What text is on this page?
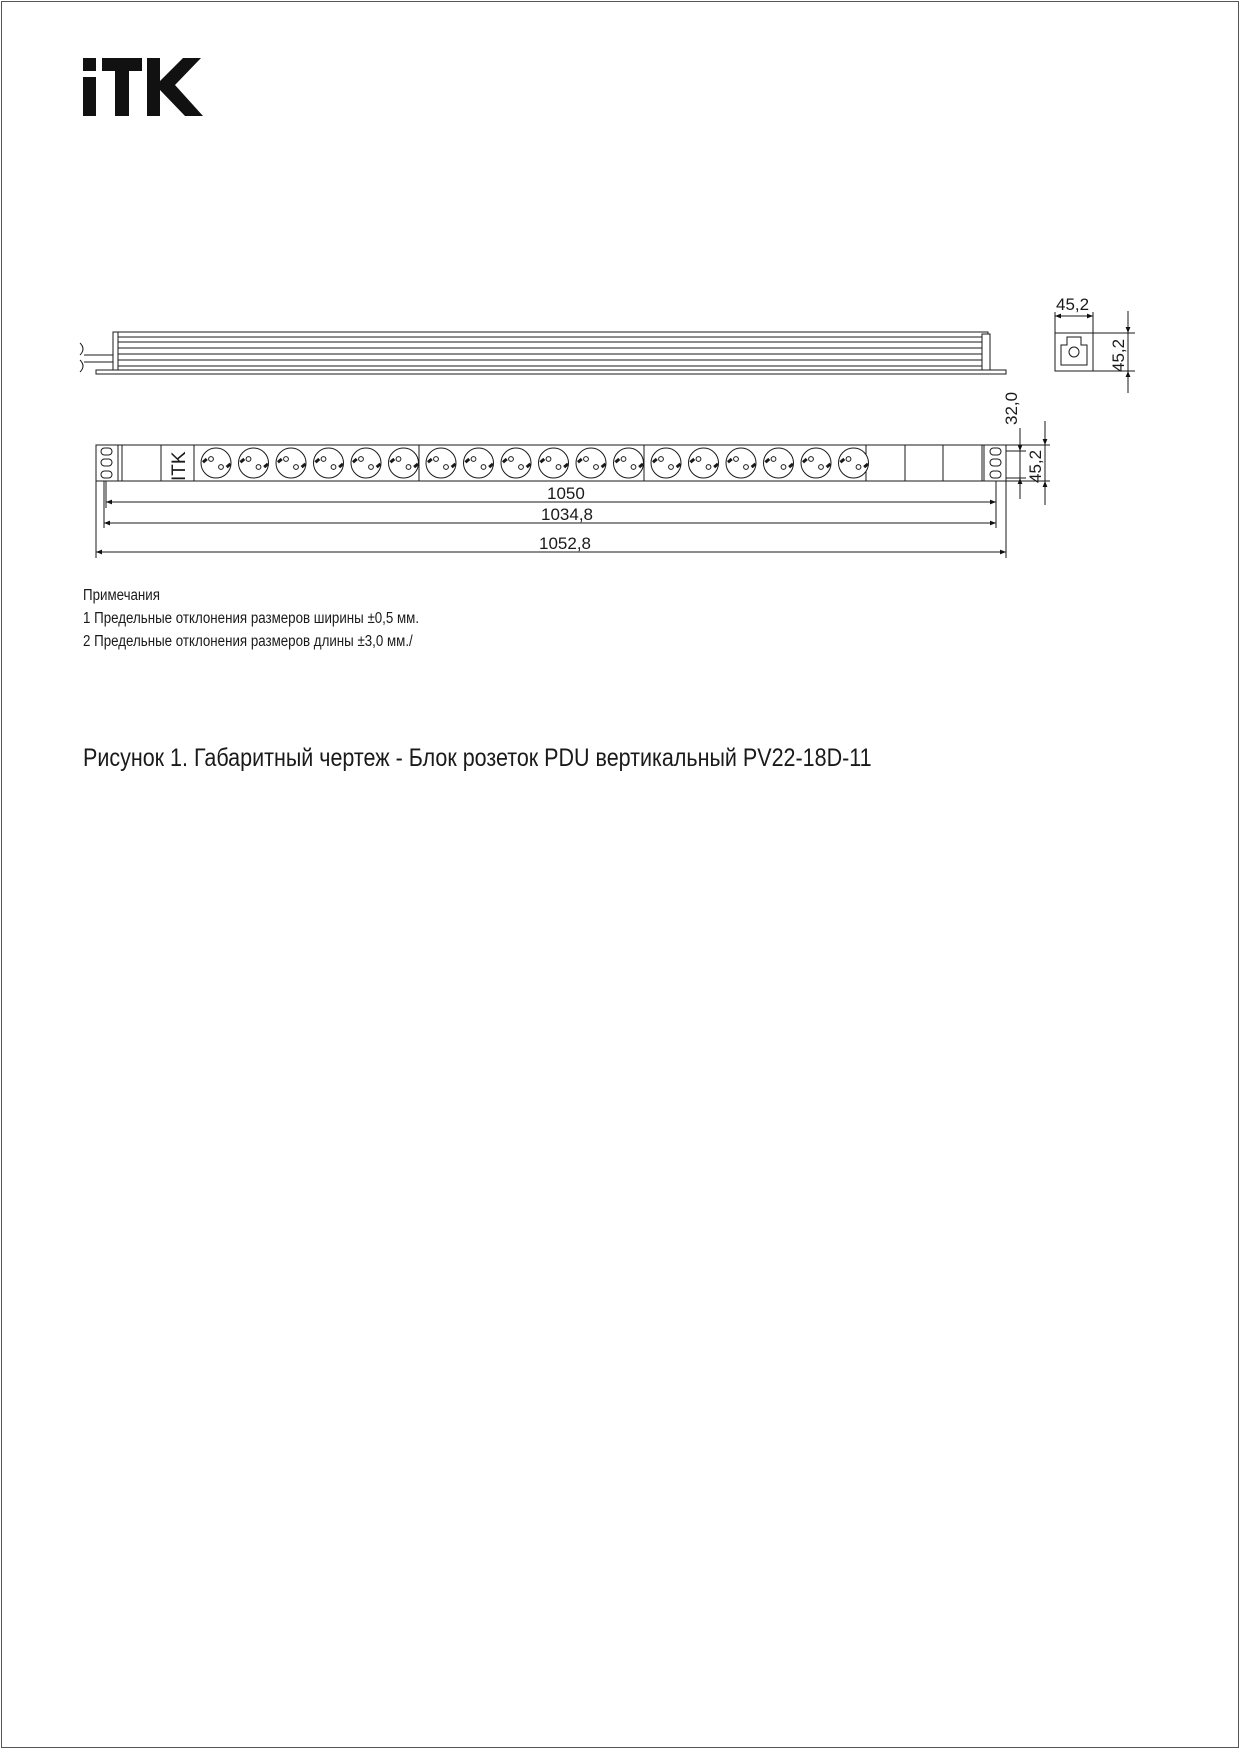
45,2
45,2
ITK
1050
1034,8
1052,8
32,0
45,2
Примечания
1 Предельные отклонения размеров ширины ±0,5 мм.
2 Предельные отклонения размеров длины ±3,0 мм./
Рисунок 1. Габаритный чертеж - Блок розеток PDU вертикальный PV22-18D-11
